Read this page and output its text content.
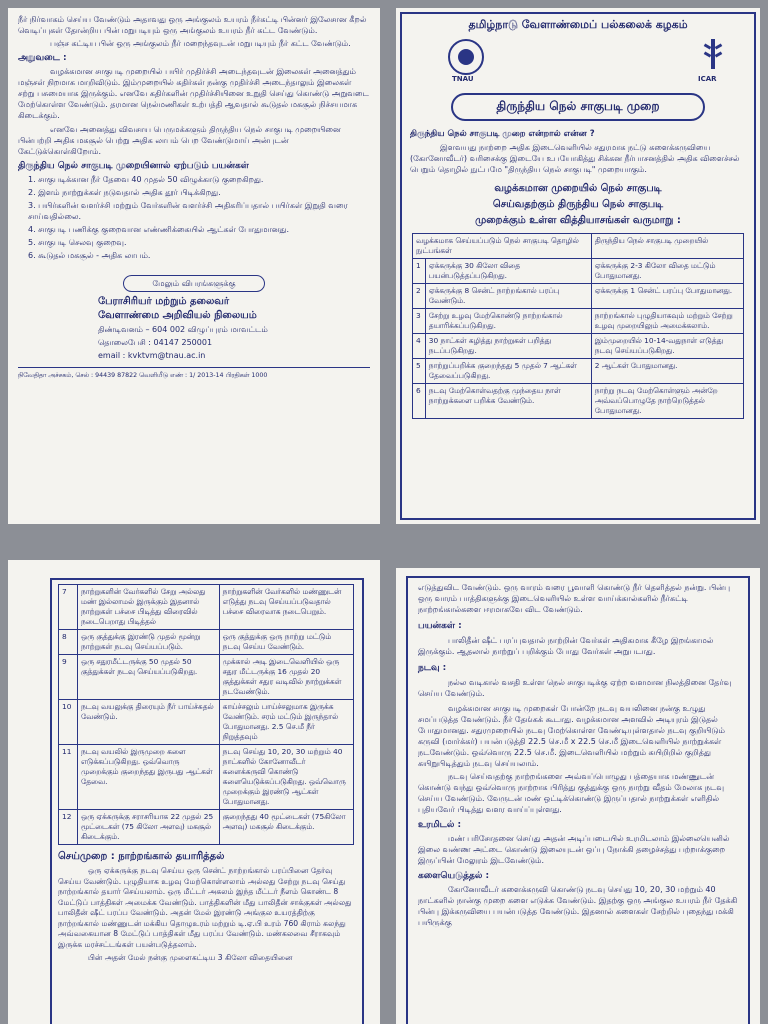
நீர் நிர்வாகம் செய்ய வேண்டும் அதாவது ஒரு அங்குலம் உயரம் நீர்கட்டி பின்னர் இலேசான கீறல் வெடிப்புகள் தோன்றிய பின் மறுபடியும் ஒரு அங்குலம் உயரம் நீர் கட்ட வேண்டும்.
பஞ்ச கட்டிய பின் ஒரு அங்குலம் நீர் மறைந்தவுடன் மறுபடியும் நீர் கட்ட வேண்டும்.
அறுவடை :
வழக்கமான சாகுபடி முறையில் பயிர் முதிர்ச்சி அடைந்தவுடன் இலைகள் அனைத்தும் மஞ்சள் நிறமாக மாறிவிடும். இம்முறையில் கதிர்கள் நன்கு முதிர்ச்சி அடைந்தாலும் இலைகள் சற்று பசுமையாக இருக்கும். எனவே கதிர்களின் முதிர்ச்சியினை உறுதி செய்து கொண்டு அறுவடை மேற்கொள்ள வேண்டும். தரமான நெல்மணிகள் உற்பத்தி ஆவதால் கூடுதல் மகசூல் நிச்சயமாக கிடைக்கும்.
எனவே அனைத்து விவசாய பெருமக்களும் திருந்திய நெல் சாகுபடி முறையினை பின்பற்றி அதிக மகசூல் பெற்று அதிக லாபம் பெற வேண்டுமாய் அன்புடன் கேட்டுக்கொள்கிறோம்.
திருந்திய நெல் சாகுபடி முறையினால் ஏற்படும் பயன்கள்
1. சாகுபடிக்கான நீர் தேவை 40 முதல் 50 விழுக்காடு குறைகிறது.
2. இளம் நாற்றுக்கள் நடுவதால் அதிக தூர் பிடிக்கிறது.
3. பயிர்களின் வளர்ச்சி மற்றும் வேர்களின் வளர்ச்சி அதிகரிப்பதால் பயிர்கள் இறுதி வரை சாய்வதில்லை.
4. சாகுபடி பணிக்கு குறைவான எண்ணிக்கையில் ஆட்கள் போதுமானது.
5. சாகுபடி செலவு குறைவு.
6. கூடுதல் மகசூல் - அதிக லாபம்.
மேலும் விபரங்களுக்கு
பேராசிரியர் மற்றும் தலைவர்
வேளாண்மை அறிவியல் நிலையம்
திண்டிவனம் – 604 002 விழுப்புரம் மாவட்டம்
தொலைபேசி : 04147 250001
email : kvktvm@tnau.ac.in
நிவேதிதா அச்சகம், செல் : 94439 87822 வெளியீடு எண் : 1/ 2013-14 பிரதிகள் 1000
தமிழ்நாடு வேளாண்மைப் பல்கலைக் கழகம்
TNAU	ICAR
திருந்திய நெல் சாகுபடி முறை
திருந்திய நெல் சாகுபடி முறை என்றால் என்ன ?
இளவயது நாற்றை அதிக இடைவெளியில் சதுரமாக நட்டு களைக்கருவியை (கோனோவீடர்) வரிசைக்கு இடையே உபயோகித்து சிக்கன நீர்பாசனத்தில் அதிக விளைச்சல் பெறும் தொழில் நுட்பமே "திருந்திய நெல் சாகுபடி" முறையாகும்.
வழக்கமான முறையில் நெல் சாகுபடி
செய்வதற்கும் திருந்திய நெல் சாகுபடி
முறைக்கும் உள்ள வித்தியாசங்கள் வருமாறு :
வழக்கமாக செய்யப்படும் நெல் சாகுபடி தொழில் நுட்பங்கள்		திருந்திய நெல் சாகுபடி முறையில்
1	ஏக்கருக்கு 30 கிலோ விதை பயன்படுத்தப்படுகிறது.	ஏக்கருக்கு 2-3 கிலோ விதை மட்டும் போதுமானது.
2	ஏக்கருக்கு 8 சென்ட் நாற்றங்கால் பரப்பு வேண்டும்.	ஏக்கருக்கு 1 சென்ட் பரப்பு போதுமானது.
3	சேற்று உழவு மேற்கொண்டு நாற்றங்கால் தயாரிக்கப்படுகிறது.	நாற்றங்கால் புழுதியாகவும் மற்றும் சேற்று உழவு முறையிலும் அமைக்கலாம்.
4	30 நாட்கள் கழித்து நாற்றுகள் பறித்து நடப்படுகிறது.	இம்முறையில் 10-14-வதுநாள் எடுத்து நடவு செய்யப்படுகிறது.
5	நாற்றுப்பறிக்க குறைந்தது 5 முதல் 7 ஆட்கள் தேவைப்படுகிறது.	2 ஆட்கள் போதுமானது.
6	நடவு மேற்கொள்வதற்கு முந்தைய நாள் நாற்றுக்களை பறிக்க வேண்டும்.	நாற்று நடவு மேற்கொள்ளும் அன்றே அவ்வப்பொழுதே நாற்றெடுத்தல் போதுமானது.
7	நாற்றுகளின் வேர்களில் சேறு அல்லது மண் இல்லாமல் இருக்கும் இதனால் நாற்றுகள் பச்சை பிடித்து விரைவில் நடைபெறாது பிடித்தல்	நாற்றுகளின் வேர்களில் மண்ணுடன் எடுத்து நடவு செய்யப்படுவதால் பச்சை விரைவாக நடைபெறும்.
8	ஒரு குத்துக்கு இரண்டு முதல் மூன்று நாற்றுகள் நடவு செய்யப்படும்.	ஒரு குத்துக்கு ஒரு நாற்று மட்டும் நடவு செய்ய வேண்டும்.
9	ஒரு சதுரமீட்டருக்கு 50 முதல் 50 குத்துக்கள் நடவு செய்யப்படுகிறது.	முக்கால் அடி இடைவெளியில் ஒரு சதுர மீட்டருக்கு 16 முதல் 20 குத்துக்கள் சதுர வடிவில் நாற்றுக்கள் நடவேண்டும்.
10	நடவு வயலுக்கு திரையும் நீர் பாய்ச்சுதல் வேண்டும்.	காய்ச்சலும் பாய்ச்சலுமாக இருக்க வேண்டும். சரம் மட்டும் இருந்தால் போதுமானது. 2.5 செ.மீ நீர் நிறுத்தவும்
11	நடவு வயலில் இருமுறை களை எடுக்கப்படுகிறது. ஒவ்வொரு முறைக்கும் குறைந்தது இருபது ஆட்கள் தேவை.	நடவு செய்து 10, 20, 30 மற்றும் 40 நாட்களில் கோனோவீடர் களைக்கருவி கொண்டு களையெடுக்கப்படுகிறது. ஒவ்வொரு முறைக்கும் இரண்டு ஆட்கள் போதுமானது.
12	ஒரு ஏக்கருக்கு சராசரியாக 22 முதல் 25 மூட்டைகள் (75 கிலோ அளவு) மகசூல் கிடைக்கும்.	குறைந்தது 40 மூட்டைகள் (75கிலோ அளவு) மகசூல் கிடைக்கும்.
செய்முறை : நாற்றங்கால் தயாரித்தல்
ஒரு ஏக்கருக்கு நடவு செய்ய ஒரு சென்ட் நாற்றங்கால் பரப்பினை தேர்வு செய்ய வேண்டும். புழுதியாக உழவு மேற்கொள்ளலாம் அல்லது சேற்று நடவு செய்து நாற்றங்கால் தயார் செய்யலாம். ஒரு மீட்டர் அகலம் இந்த மீட்டர் நீளம் கொண்ட 8 மேட்டுப் பாத்திகள் அமைக்க வேண்டும். பாத்திகளின் மீது பாலிதீன் சாக்குகள் அல்லது பாலிதீன் ஷீட் பரப்ப வேண்டும். அதன் மேல் இரண்டு அங்குல உயரத்திற்கு நாற்றங்கால் மண்ணுடன் மக்கிய தொழுஉரம் மற்றும் டி.ஏ.பி உரம் 760 கிராம் கலந்து அவ்வகையான 8 மேட்டுப் பாத்திகள் மீது பரப்ப வேண்டும். மண்கலவை சீராகவும் இருக்க மரச்சட்டங்கள் பயன்படுத்தலாம்.
பின் அதன் மேல் நன்கு முளைகட்டிய 3 கிலோ விதையினை
எடுத்துவிட வேண்டும். ஒரு வாரம் வரை பூவாளி கொண்டு நீர் தெளித்தல் நன்று. பின்பு ஒரு வாரம் பாத்திகளுக்கு இடைவெளியில் உள்ள வாய்க்கால்களில் நீர்கட்டி நாற்றங்கால்களை ஈரமாகவே விட வேண்டும்.
பயன்கள் :
பாலிதீன் ஷீட் பரப்புவதால் நாற்றின் வேர்கள் அதிகமாக கீழே இறங்காமல் இருக்கும். ஆதலால் நாற்றுப் பறிக்கும் போது வேர்கள் அறுபடாது.
நடவு :
நல்ல வடிகால் வசதி உள்ள நெல் சாகுபடிக்கு ஏற்ற வளமான நிலத்தினை தேர்வு செய்ய வேண்டும்.
வழக்கமான சாகுபடி முறைகள் போன்றே நடவு வயலினை நன்கு உழுது சமப்படுத்த வேண்டும். நீர் தேங்கக் கூடாது. வழக்கமான அளவில் அடியுரம் இடுதல் போதுமானது. சதுரமுறையில் நடவு மேற்கொள்ள வேண்டியுள்ளதால் நடவு குறியிடும் கருவி (மார்க்கர்) பயன்படுத்தி 22.5 செ.மீ x 22.5 செ.மீ இடைவெளியில் நாற்றுக்கள் நடவேண்டும். ஒவ்வொரு 22.5 செ.மீ. இடைவெளியில் மற்றும் கயிறிறில் குறித்து கயிறுபிடித்தும் நடவு செய்யலாம்.
நடவு செய்வதற்கு நாற்றங்களை அவ்வப்பொழுது பத்தையாக மண்ணுடன் கொண்டு வந்து ஒவ்வொரு நாற்றாக பிரித்து குத்துக்கு ஒரு நாற்று வீதம் மேலாக நடவு செய்ய வேண்டும். வேருடன் மண் ஒட்டிக்கொண்டு இருப்பதால் நாற்றுக்கள் எளிதில் புதியவேர் பிடித்து வளர வாய்ப்புள்ளது.
உரமிடல் :
மண் பரிசோதனை செய்து அதன் அடிப்படையில் உரமிடலாம் இல்லையெனில் இலை வண்ண அட்டை கொண்டு இலையுடன் ஒப்பு நோக்கி தழைச்சத்து பற்றாக்குறை இருப்பின் மேலுரம் இடவேண்டும்.
களையெடுத்தல் :
கோனோவீடர் களைக்கருவி கொண்டு நடவு செய்து 10, 20, 30 மற்றும் 40 நாட்களில் நான்கு முறை களை எடுக்க வேண்டும். இதற்கு ஒரு அங்குல உயரம் நீர் தேக்கி பின்பு இக்கருவியை பயன்படுத்த வேண்டும். இதனால் களைகள் சேற்றில் புதைந்து மக்கி பயிருக்கு
